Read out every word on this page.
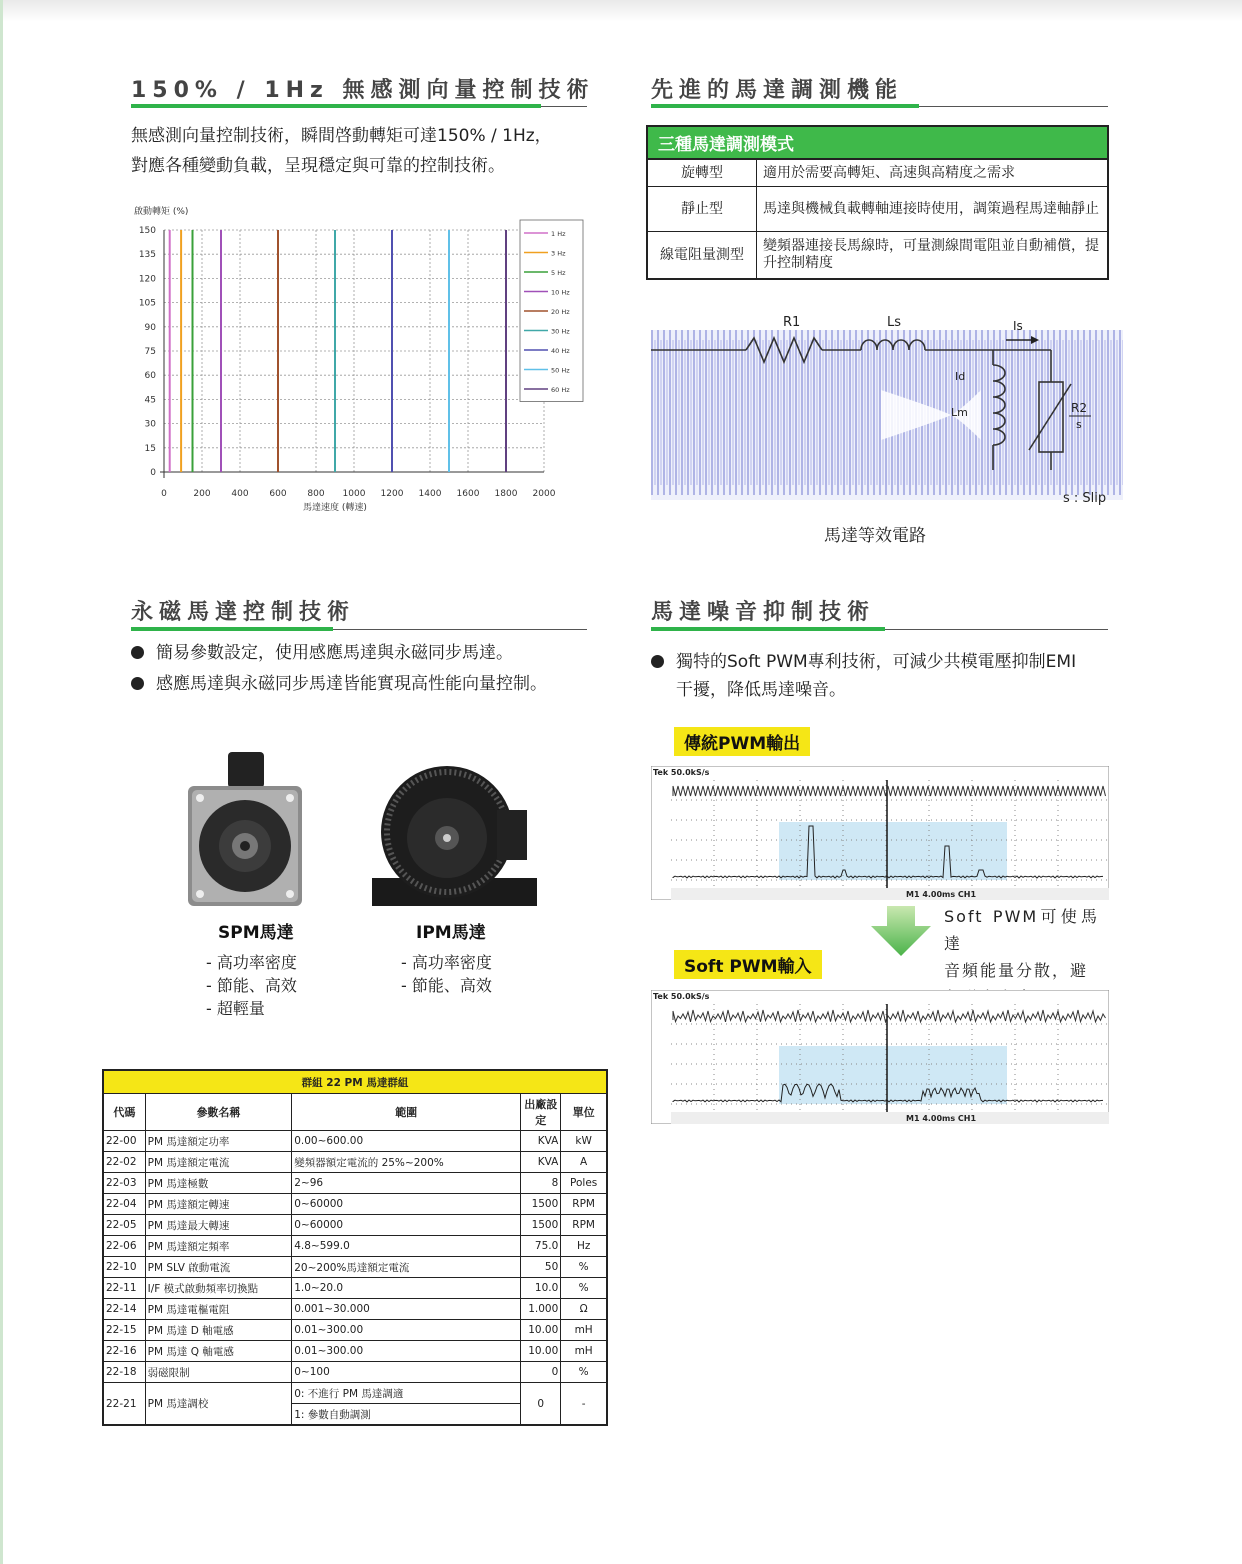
150% / 1Hz 無感測向量控制技術

無感測向量控制技術，瞬間啓動轉矩可達150% / 1Hz，
對應各種變動負載，呈現穩定與可靠的控制技術。

啟動轉矩 (%)
0
15
30
45
60
75
90
105
120
135
150
0	200 400 600 800 1000 1200 1400 1600 1800 2000
馬達速度 (轉速)
1 Hz
3 Hz
5 Hz
10 Hz
20 Hz
30 Hz
40 Hz
50 Hz
60 Hz
先進的馬達調測機能
三種馬達調測模式	
旋轉型	適用於需要高轉矩、高速與高精度之需求
靜止型	馬達與機械負載轉軸連接時使用，調策過程馬達軸靜止
線電阻量測型	變頻器連接長馬線時，可量測線間電阻並自動補償，提升控制精度
R1	Ls	Is
Id
Lm	R2
s
s : Slip
馬達等效電路
永磁馬達控制技術
簡易參數設定，使用感應馬達與永磁同步馬達。
感應馬達與永磁同步馬達皆能實現高性能向量控制。
SPM馬達
- 高功率密度
- 節能、高效
- 超輕量
IPM馬達
- 高功率密度
- 節能、高效
群組 22 PM 馬達群組				
代碼	參數名稱	範圍	出廠設定	單位
22-00	PM 馬達額定功率	0.00~600.00	KVA	kW
22-02	PM 馬達額定電流	變頻器額定電流的 25%~200%	KVA	A
22-03	PM 馬達極數	2~96	8	Poles
22-04	PM 馬達額定轉速	0~60000	1500	RPM
22-05	PM 馬達最大轉速	0~60000	1500	RPM
22-06	PM 馬達額定頻率	4.8~599.0	75.0	Hz
22-10	PM SLV 啟動電流	20~200%馬達額定電流	50	%
22-11	I/F 模式啟動頻率切換點	1.0~20.0	10.0	%
22-14	PM 馬達電樞電阻	0.001~30.000	1.000	Ω
22-15	PM 馬達 D 軸電感	0.01~300.00	10.00	mH
22-16	PM 馬達 Q 軸電感	0.01~300.00	10.00	mH
22-18	弱磁限制	0~100	0	%
22-21	PM 馬達調校	0: 不進行 PM 馬達調適	0	-
		1: 參數自動調測		
馬達噪音抑制技術
獨特的Soft PWM專利技術，可減少共模電壓抑制EMI
干擾，降低馬達噪音。
傳統PWM輸出
Tek 50.0kS/s
M1 4.00ms CH1
Soft PWM可使馬達
音頻能量分散，避
Soft PWM輸入
Tek 50.0kS/s
M1 4.00ms CH1
